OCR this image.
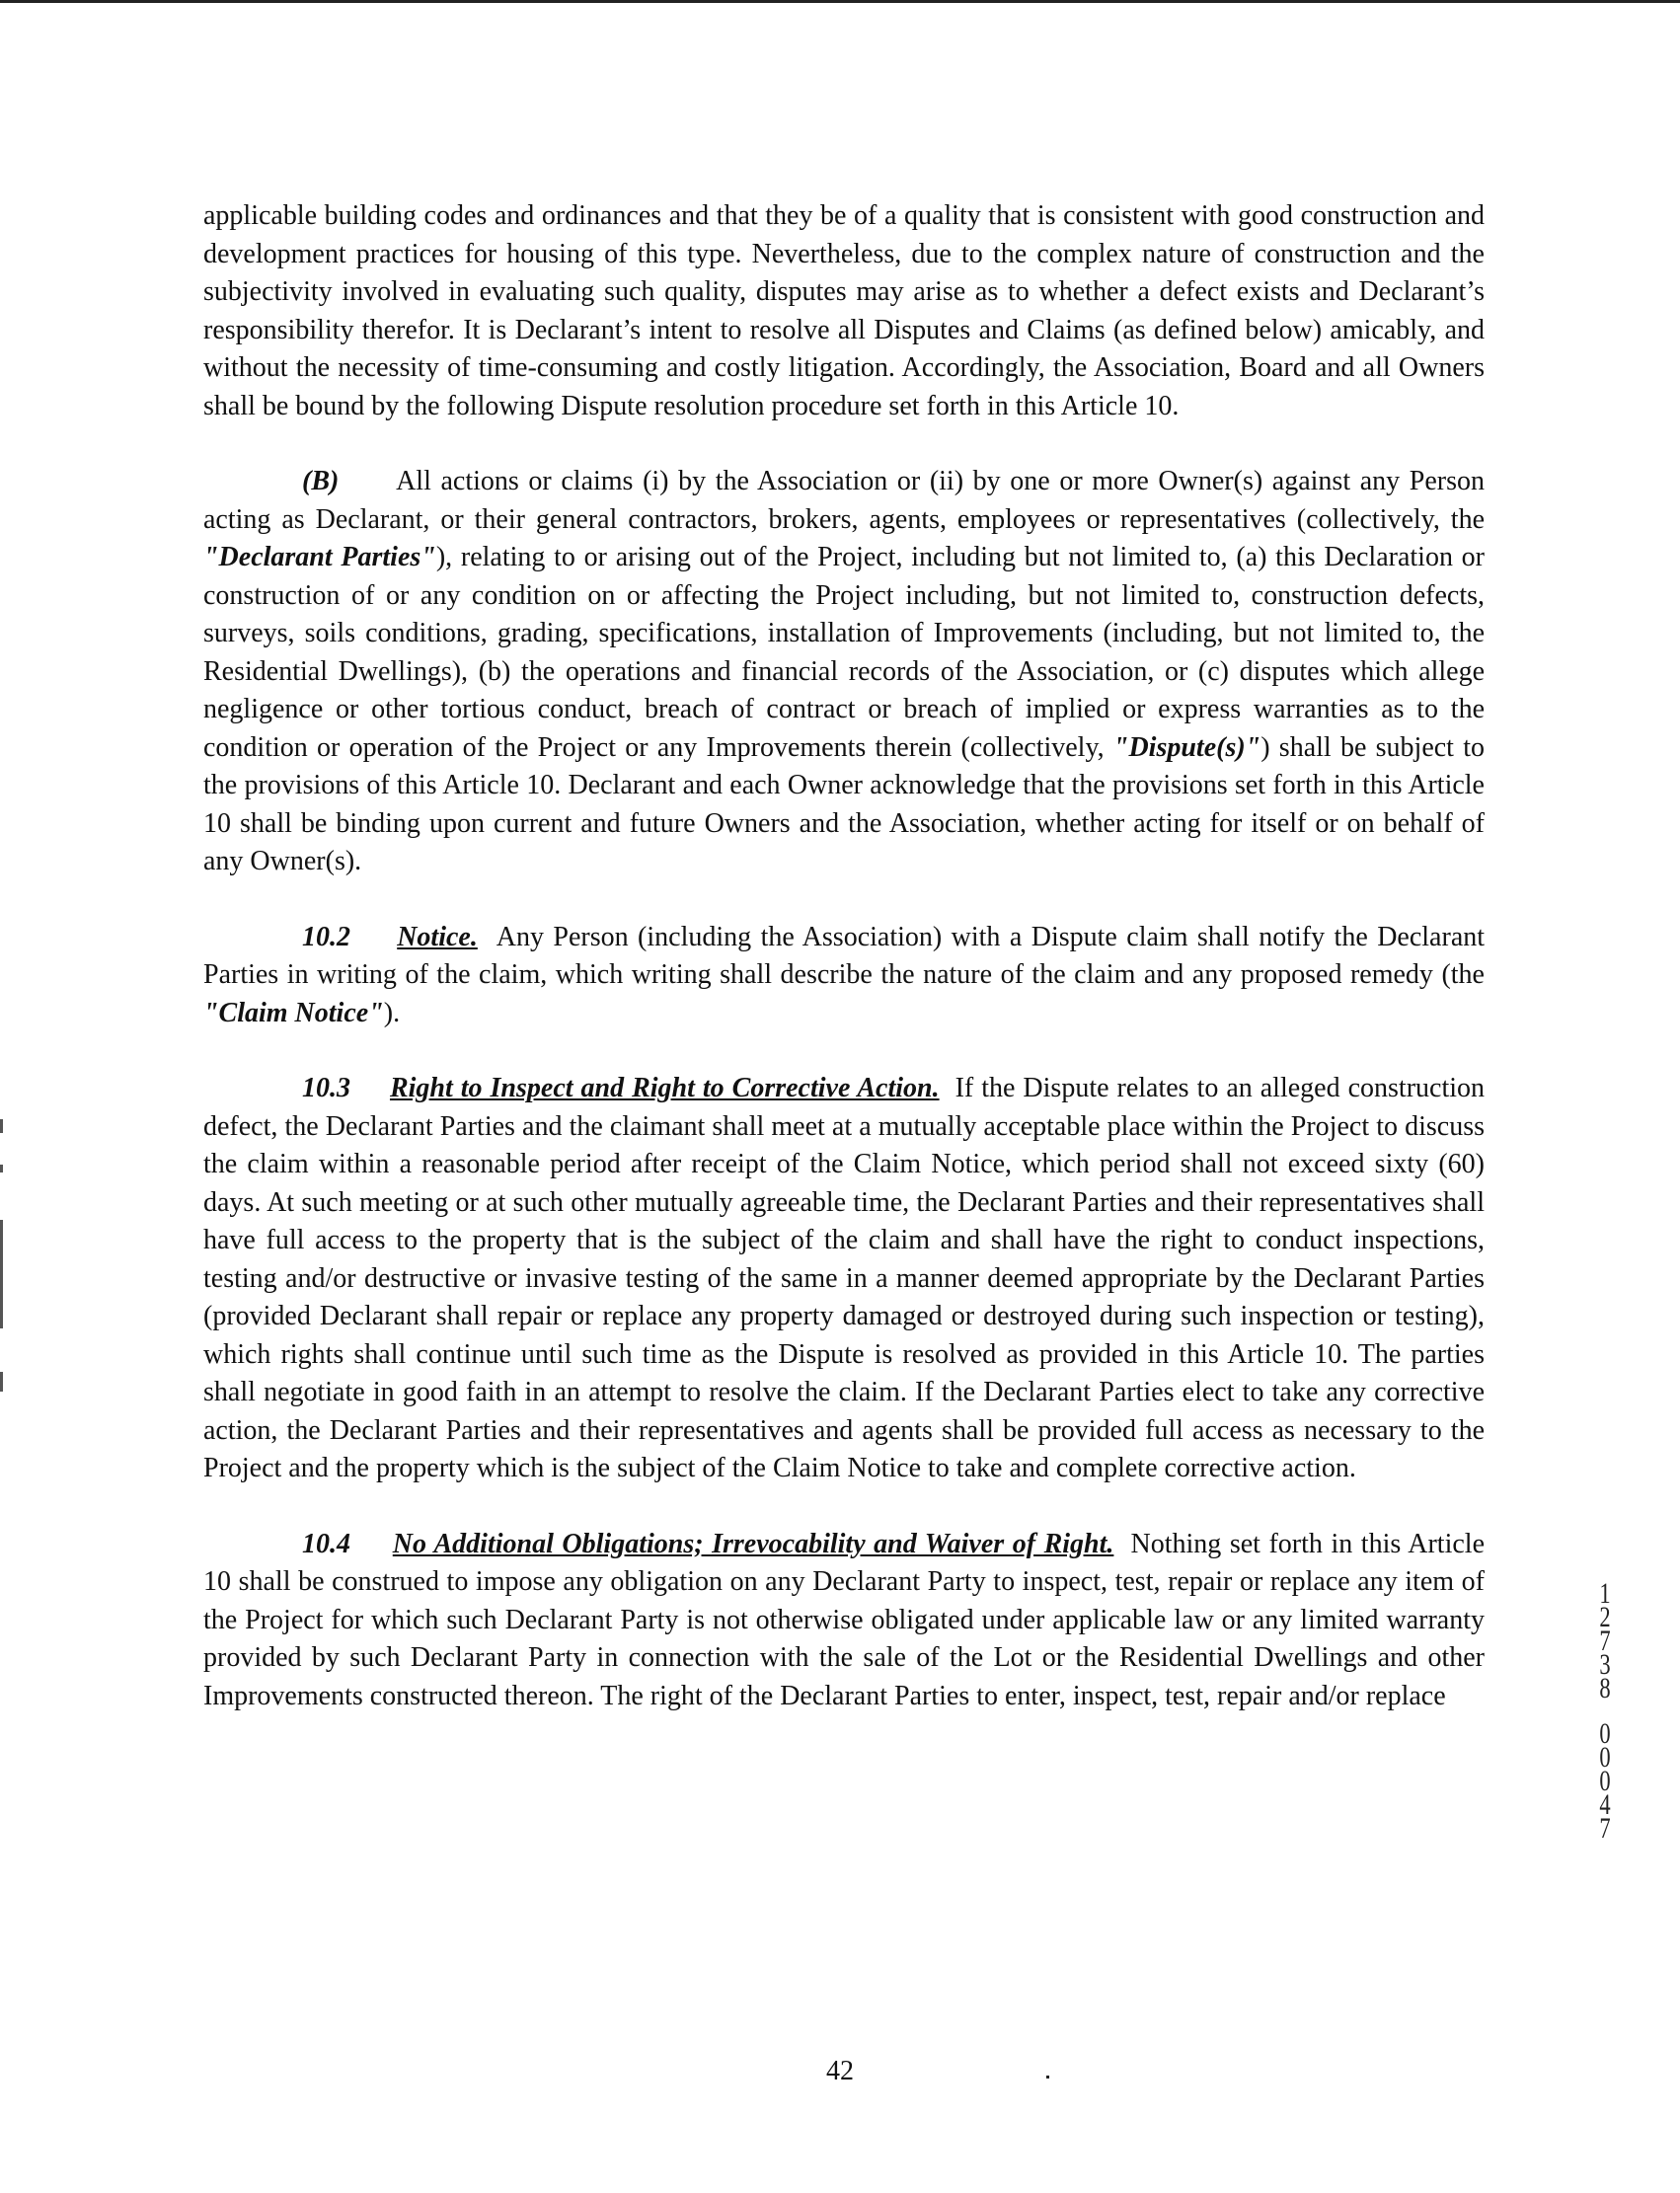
applicable building codes and ordinances and that they be of a quality that is consistent with good construction and development practices for housing of this type. Nevertheless, due to the complex nature of construction and the subjectivity involved in evaluating such quality, disputes may arise as to whether a defect exists and Declarant’s responsibility therefor. It is Declarant’s intent to resolve all Disputes and Claims (as defined below) amicably, and without the necessity of time-consuming and costly litigation. Accordingly, the Association, Board and all Owners shall be bound by the following Dispute resolution procedure set forth in this Article 10.

(B) All actions or claims (i) by the Association or (ii) by one or more Owner(s) against any Person acting as Declarant, or their general contractors, brokers, agents, employees or representatives (collectively, the "Declarant Parties"), relating to or arising out of the Project, including but not limited to, (a) this Declaration or construction of or any condition on or affecting the Project including, but not limited to, construction defects, surveys, soils conditions, grading, specifications, installation of Improvements (including, but not limited to, the Residential Dwellings), (b) the operations and financial records of the Association, or (c) disputes which allege negligence or other tortious conduct, breach of contract or breach of implied or express warranties as to the condition or operation of the Project or any Improvements therein (collectively, "Dispute(s)") shall be subject to the provisions of this Article 10. Declarant and each Owner acknowledge that the provisions set forth in this Article 10 shall be binding upon current and future Owners and the Association, whether acting for itself or on behalf of any Owner(s).

10.2 Notice. Any Person (including the Association) with a Dispute claim shall notify the Declarant Parties in writing of the claim, which writing shall describe the nature of the claim and any proposed remedy (the "Claim Notice").

10.3 Right to Inspect and Right to Corrective Action. If the Dispute relates to an alleged construction defect, the Declarant Parties and the claimant shall meet at a mutually acceptable place within the Project to discuss the claim within a reasonable period after receipt of the Claim Notice, which period shall not exceed sixty (60) days. At such meeting or at such other mutually agreeable time, the Declarant Parties and their representatives shall have full access to the property that is the subject of the claim and shall have the right to conduct inspections, testing and/or destructive or invasive testing of the same in a manner deemed appropriate by the Declarant Parties (provided Declarant shall repair or replace any property damaged or destroyed during such inspection or testing), which rights shall continue until such time as the Dispute is resolved as provided in this Article 10. The parties shall negotiate in good faith in an attempt to resolve the claim. If the Declarant Parties elect to take any corrective action, the Declarant Parties and their representatives and agents shall be provided full access as necessary to the Project and the property which is the subject of the Claim Notice to take and complete corrective action.

10.4 No Additional Obligations; Irrevocability and Waiver of Right. Nothing set forth in this Article 10 shall be construed to impose any obligation on any Declarant Party to inspect, test, repair or replace any item of the Project for which such Declarant Party is not otherwise obligated under applicable law or any limited warranty provided by such Declarant Party in connection with the sale of the Lot or the Residential Dwellings and other Improvements constructed thereon. The right of the Declarant Parties to enter, inspect, test, repair and/or replace

1
2
7
3
8
0
0
0
4
7
42
